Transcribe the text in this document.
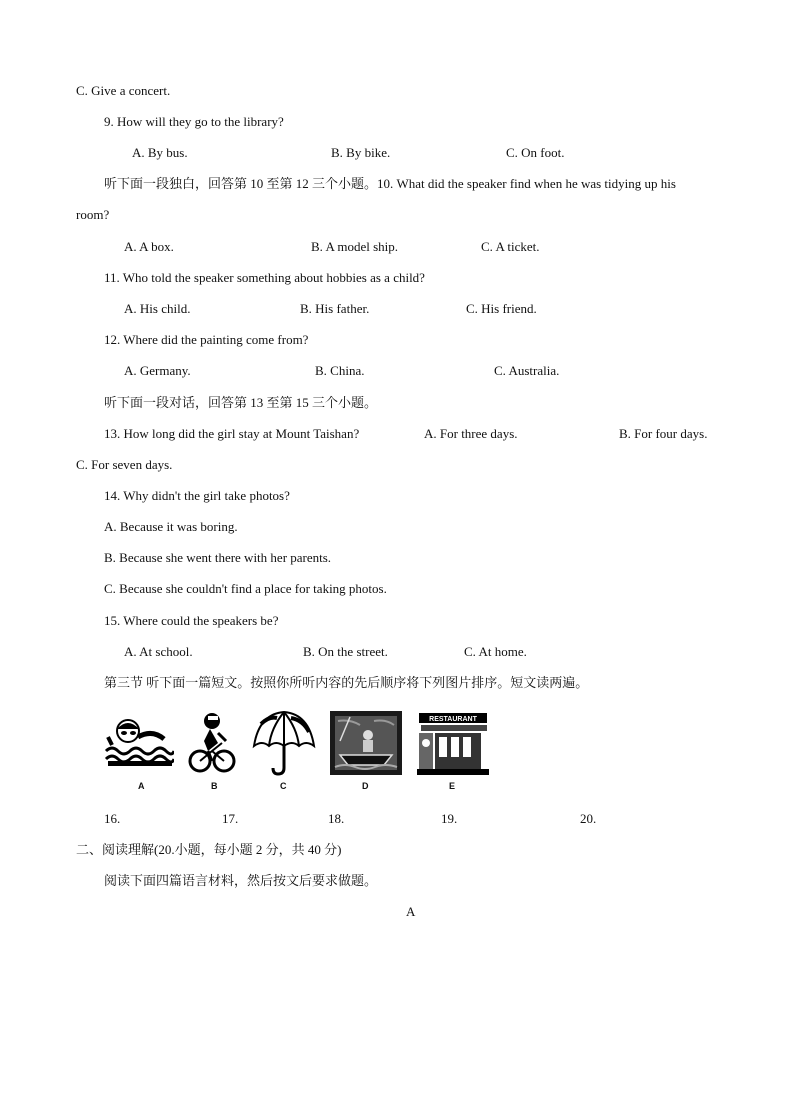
C. Give a concert.
9. How will they go to the library?
A. By bus.	B. By bike.	C. On foot.
听下面一段独白，回答第 10 至第 12 三个小题。10. What did the speaker find when he was tidying up his
room?
A. A box.	B. A model ship.	C. A ticket.
11. Who told the speaker something about hobbies as a child?
A. His child.	B. His father.	C. His friend.
12. Where did the painting come from?
A. Germany.	B. China.	C. Australia.
听下面一段对话，回答第 13 至第 15 三个小题。
13. How long did the girl stay at Mount Taishan?	A. For three days.	B. For four days.
C. For seven days.
14. Why didn't the girl take photos?
A. Because it was boring.
B. Because she went there with her parents.
C. Because she couldn't find a place for taking photos.
15. Where could the speakers be?
A. At school.	B. On the street.	C. At home.
第三节 听下面一篇短文。按照你所听内容的先后顺序将下列图片排序。短文读两遍。
A	B	C	D
RESTAURANT
E
16.	17.	18.	19.	20.
二、阅读理解(20.小题，每小题 2 分，共 40 分)
阅读下面四篇语言材料，然后按文后要求做题。
A
